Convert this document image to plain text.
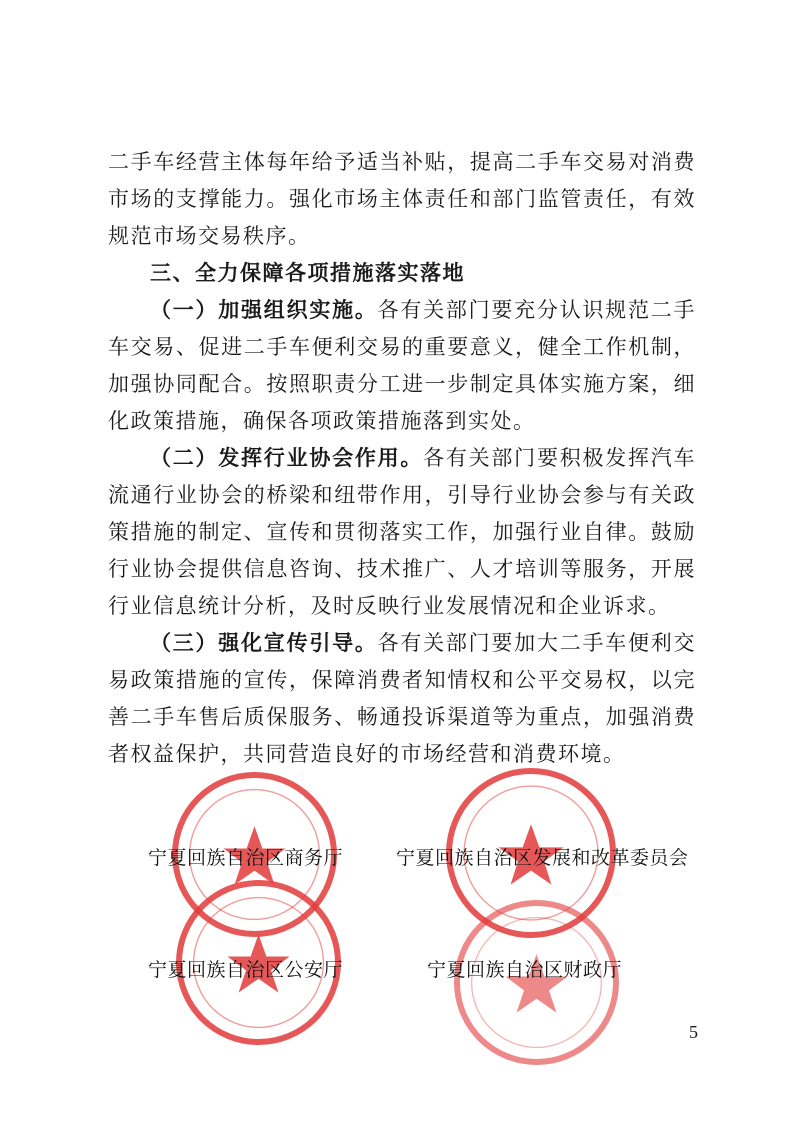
二手车经营主体每年给予适当补贴，提高二手车交易对消费市场的支撑能力。强化市场主体责任和部门监管责任，有效规范市场交易秩序。

三、全力保障各项措施落实落地

（一）加强组织实施。各有关部门要充分认识规范二手车交易、促进二手车便利交易的重要意义，健全工作机制，加强协同配合。按照职责分工进一步制定具体实施方案，细化政策措施，确保各项政策措施落到实处。

（二）发挥行业协会作用。各有关部门要积极发挥汽车流通行业协会的桥梁和纽带作用，引导行业协会参与有关政策措施的制定、宣传和贯彻落实工作，加强行业自律。鼓励行业协会提供信息咨询、技术推广、人才培训等服务，开展行业信息统计分析，及时反映行业发展情况和企业诉求。

（三）强化宣传引导。各有关部门要加大二手车便利交易政策措施的宣传，保障消费者知情权和公平交易权，以完善二手车售后质保服务、畅通投诉渠道等为重点，加强消费者权益保护，共同营造良好的市场经营和消费环境。

宁夏回族自治区商务厅	宁夏回族自治区发展和改革委员会
宁夏回族自治区公安厅	宁夏回族自治区财政厅
5
